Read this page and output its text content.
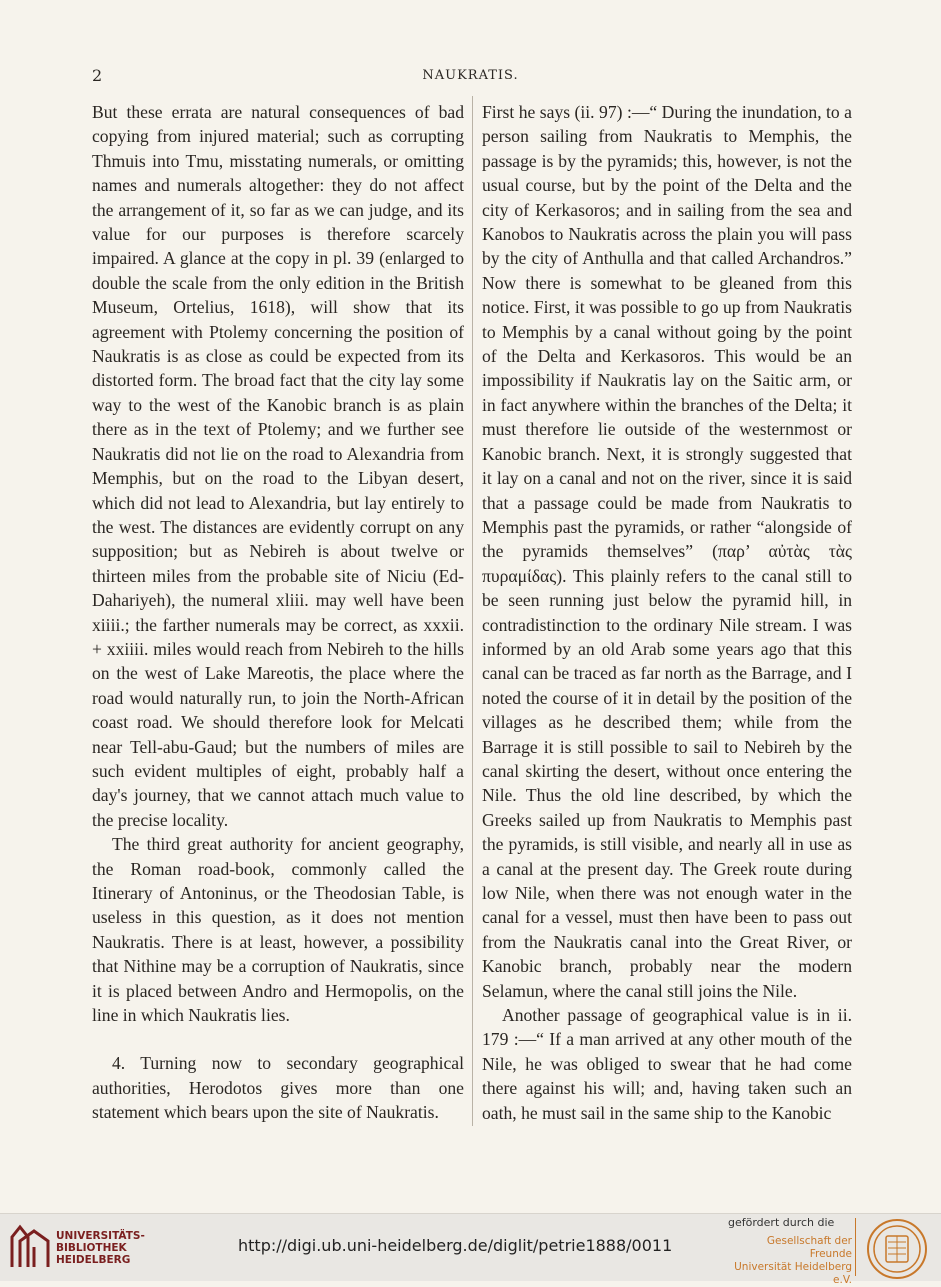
2	NAUKRATIS.

But these errata are natural consequences of bad copying from injured material; such as corrupting Thmuis into Tmu, misstating numerals, or omitting names and numerals altogether: they do not affect the arrangement of it, so far as we can judge, and its value for our purposes is therefore scarcely impaired. A glance at the copy in pl. 39 (enlarged to double the scale from the only edition in the British Museum, Ortelius, 1618), will show that its agreement with Ptolemy concerning the position of Naukratis is as close as could be expected from its distorted form. The broad fact that the city lay some way to the west of the Kanobic branch is as plain there as in the text of Ptolemy; and we further see Naukratis did not lie on the road to Alexandria from Memphis, but on the road to the Libyan desert, which did not lead to Alexandria, but lay entirely to the west. The distances are evidently corrupt on any supposition; but as Nebireh is about twelve or thirteen miles from the probable site of Niciu (Ed-Dahariyeh), the numeral xliii. may well have been xiiii.; the farther numerals may be correct, as xxxii. + xxiiii. miles would reach from Nebireh to the hills on the west of Lake Mareotis, the place where the road would naturally run, to join the North-African coast road. We should therefore look for Melcati near Tell-abu-Gaud; but the numbers of miles are such evident multiples of eight, probably half a day's journey, that we cannot attach much value to the precise locality.

The third great authority for ancient geography, the Roman road-book, commonly called the Itinerary of Antoninus, or the Theodosian Table, is useless in this question, as it does not mention Naukratis. There is at least, however, a possibility that Nithine may be a corruption of Naukratis, since it is placed between Andro and Hermopolis, on the line in which Naukratis lies.

4. Turning now to secondary geographical authorities, Herodotos gives more than one statement which bears upon the site of Naukratis.

First he says (ii. 97) :—“ During the inundation, to a person sailing from Naukratis to Memphis, the passage is by the pyramids; this, however, is not the usual course, but by the point of the Delta and the city of Kerkasoros; and in sailing from the sea and Kanobos to Naukratis across the plain you will pass by the city of Anthulla and that called Archandros.” Now there is somewhat to be gleaned from this notice. First, it was possible to go up from Naukratis to Memphis by a canal without going by the point of the Delta and Kerkasoros. This would be an impossibility if Naukratis lay on the Saitic arm, or in fact anywhere within the branches of the Delta; it must therefore lie outside of the westernmost or Kanobic branch. Next, it is strongly suggested that it lay on a canal and not on the river, since it is said that a passage could be made from Naukratis to Memphis past the pyramids, or rather “alongside of the pyramids themselves” (παρ’ αὐτὰς τὰς πυραμίδας). This plainly refers to the canal still to be seen running just below the pyramid hill, in contradistinction to the ordinary Nile stream. I was informed by an old Arab some years ago that this canal can be traced as far north as the Barrage, and I noted the course of it in detail by the position of the villages as he described them; while from the Barrage it is still possible to sail to Nebireh by the canal skirting the desert, without once entering the Nile. Thus the old line described, by which the Greeks sailed up from Naukratis to Memphis past the pyramids, is still visible, and nearly all in use as a canal at the present day. The Greek route during low Nile, when there was not enough water in the canal for a vessel, must then have been to pass out from the Naukratis canal into the Great River, or Kanobic branch, probably near the modern Selamun, where the canal still joins the Nile.

Another passage of geographical value is in ii. 179 :—“ If a man arrived at any other mouth of the Nile, he was obliged to swear that he had come there against his will; and, having taken such an oath, he must sail in the same ship to the Kanobic

UNIVERSITÄTS-
BIBLIOTHEK
HEIDELBERG
http://digi.ub.uni-heidelberg.de/diglit/petrie1888/0011
gefördert durch die
Gesellschaft der Freunde
Universität Heidelberg e.V.
